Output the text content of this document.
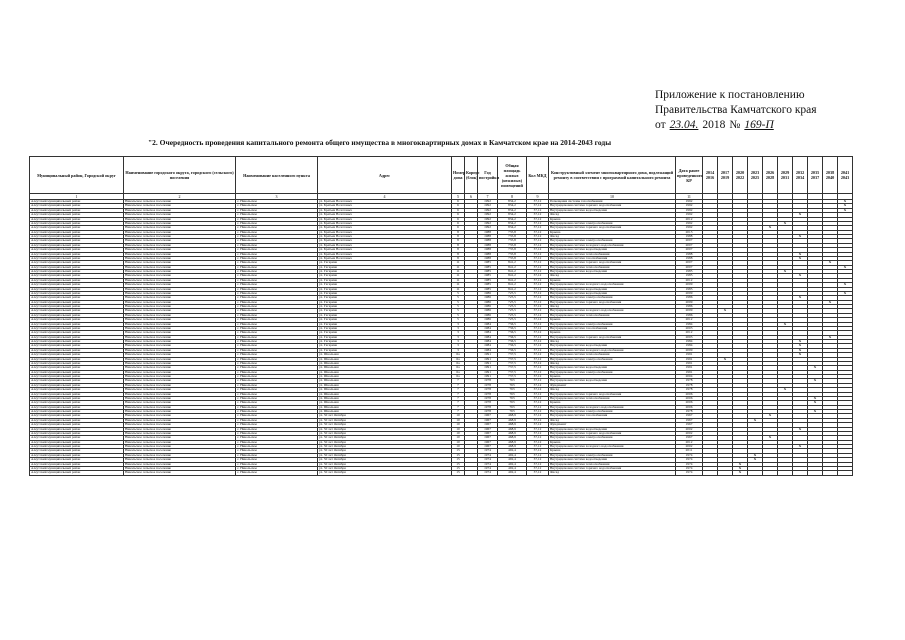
Приложение к постановлению
Правительства Камчатского края
от 23.04. 2018 № 169-П
"2. Очередность проведения капитального ремонта общего имущества в многоквартирных домах в Камчатском крае на 2014-2043 годы
Муниципальный район, Городской округ	Наименование городского округа, городского (сельского) поселения	Наименование населенного пункта	Адрес	Номер дома	Корпус (блок)	Год постройки	Общая площадь жилых (нежилых) помещений	Кол МКД	Конструктивный элемент многоквартирного дома, подлежащий ремонту в соответствии с программой капитального ремонта	Дата ранее проведенного КР	2014 2016	2017 2019	2020 2022	2023 2025	2026 2028	2029 2031	2032 2034	2035 2037	2038 2040	2041 2043
1	2	3	4	5	6	7	8	9	10	11										
Алеутский муниципальный район	Никольское сельское поселение	с. Никольское	ул. Братьев Волотовых	6		1992	834,2	37,12	Помещения системы газоснабжения	1992										X
Алеутский муниципальный район	Никольское сельское поселение	с. Никольское	ул. Братьев Волотовых	6		1992	834,2	37,12	Внутридомовая система горячего водоснабжения	1992										X
Алеутский муниципальный район	Никольское сельское поселение	с. Никольское	ул. Братьев Волотовых	6		1992	834,2	37,12	Внутридомовая система водоотведения	1992										X
Алеутский муниципальный район	Никольское сельское поселение	с. Никольское	ул. Братьев Волотовых	6		1992	834,2	37,12	Фасад	1992							X			
Алеутский муниципальный район	Никольское сельское поселение	с. Никольское	ул. Братьев Волотовых	6		1992	834,2	37,12	Крыша	2012										
Алеутский муниципальный район	Никольское сельское поселение	с. Никольское	ул. Братьев Волотовых	6		1992	834,2	37,12	Внутридомовая система электроснабжения	1992						X				
Алеутский муниципальный район	Никольское сельское поселение	с. Никольское	ул. Братьев Волотовых	6		1992	834,2	37,12	Внутридомовая система горячего водоснабжения	1992					X					
Алеутский муниципальный район	Никольское сельское поселение	с. Никольское	ул. Братьев Волотовых	8		1988	735,8	37,12	Крыша	2013										
Алеутский муниципальный район	Никольское сельское поселение	с. Никольское	ул. Братьев Волотовых	8		1988	735,8	37,12	Фасад	1988							X			
Алеутский муниципальный район	Никольское сельское поселение	с. Никольское	ул. Братьев Волотовых	8		1988	735,8	37,12	Внутридомовая система электроснабжения	2007										
Алеутский муниципальный район	Никольское сельское поселение	с. Никольское	ул. Братьев Волотовых	8		1988	735,8	37,12	Внутридомовая система холодного водоснабжения	2007										
Алеутский муниципальный район	Никольское сельское поселение	с. Никольское	ул. Братьев Волотовых	8		1988	735,8	37,12	Внутридомовая система водоотведения	2007										
Алеутский муниципальный район	Никольское сельское поселение	с. Никольское	ул. Братьев Волотовых	8		1988	735,8	37,12	Внутридомовая система теплоснабжения	1988							X			
Алеутский муниципальный район	Никольское сельское поселение	с. Никольское	ул. Братьев Волотовых	8		1988	735,8	37,12	Внутридомовая система газоснабжения	1988							X			
Алеутский муниципальный район	Никольское сельское поселение	с. Никольское	ул. Гагарина	11		1985	841,2	37,12	Внутридомовая система горячего водоснабжения	2007									X	
Алеутский муниципальный район	Никольское сельское поселение	с. Никольское	ул. Гагарина	11		1985	841,2	37,12	Внутридомовая система теплоснабжения	2007										X
Алеутский муниципальный район	Никольское сельское поселение	с. Никольское	ул. Гагарина	11		1985	841,2	37,12	Внутридомовая система водоотведения	1985						X				
Алеутский муниципальный район	Никольское сельское поселение	с. Никольское	ул. Гагарина	11		1985	841,2	37,12	Фасад	1985							X			
Алеутский муниципальный район	Никольское сельское поселение	с. Никольское	ул. Гагарина	11		1985	841,2	37,12	Крыша	2012										
Алеутский муниципальный район	Никольское сельское поселение	с. Никольское	ул. Гагарина	11		1985	841,2	37,12	Внутридомовая система холодного водоснабжения	2009										X
Алеутский муниципальный район	Никольское сельское поселение	с. Никольское	ул. Гагарина	11		1985	841,2	37,12	Внутридомовая система водоотведения	1985										
Алеутский муниципальный район	Никольское сельское поселение	с. Никольское	ул. Гагарина	5		1986	725,5	37,12	Внутридомовая система водоотведения	2009										X
Алеутский муниципальный район	Никольское сельское поселение	с. Никольское	ул. Гагарина	5		1986	725,5	37,12	Внутридомовая система электроснабжения	1986							X			
Алеутский муниципальный район	Никольское сельское поселение	с. Никольское	ул. Гагарина	5		1986	725,5	37,12	Внутридомовая система горячего водоснабжения	2009									X	
Алеутский муниципальный район	Никольское сельское поселение	с. Никольское	ул. Гагарина	5		1986	725,5	37,12	Фасад	1986										
Алеутский муниципальный район	Никольское сельское поселение	с. Никольское	ул. Гагарина	5		1986	725,5	37,12	Внутридомовая система холодного водоснабжения	2009		X								
Алеутский муниципальный район	Никольское сельское поселение	с. Никольское	ул. Гагарина	5		1986	725,5	37,12	Внутридомовая система теплоснабжения	1986										
Алеутский муниципальный район	Никольское сельское поселение	с. Никольское	ул. Гагарина	5		1986	725,5	37,12	Крыша	2012										
Алеутский муниципальный район	Никольское сельское поселение	с. Никольское	ул. Гагарина	3		1984	736,5	37,12	Внутридомовая система электроснабжения	1984						X				
Алеутский муниципальный район	Никольское сельское поселение	с. Никольское	ул. Гагарина	3		1984	736,5	37,12	Внутридомовая система газоснабжения	2003										
Алеутский муниципальный район	Никольское сельское поселение	с. Никольское	ул. Гагарина	3		1984	736,5	37,12	Крыша	2012										
Алеутский муниципальный район	Никольское сельское поселение	с. Никольское	ул. Гагарина	3		1984	736,5	37,12	Внутридомовая система горячего водоснабжения	2003									X	
Алеутский муниципальный район	Никольское сельское поселение	с. Никольское	ул. Гагарина	3		1984	736,5	37,12	Фасад	1984							X			
Алеутский муниципальный район	Никольское сельское поселение	с. Никольское	ул. Гагарина	3		1984	736,5	37,12	Внутридомовая система водоотведения	1984							X			
Алеутский муниципальный район	Никольское сельское поселение	с. Никольское	ул. Гагарина	3		1984	736,5	37,12	Внутридомовая система холодного водоснабжения	2009							X			
Алеутский муниципальный район	Никольское сельское поселение	с. Никольское	ул. Школьная	6а		1991	737,5	37,12	Внутридомовая система теплоснабжения	1991							X			
Алеутский муниципальный район	Никольское сельское поселение	с. Никольское	ул. Школьная	6а		1991	737,5	37,12	Внутридомовая система электроснабжения	1991		X								
Алеутский муниципальный район	Никольское сельское поселение	с. Никольское	ул. Школьная	6а		1991	737,5	37,12	Фасад	1991										
Алеутский муниципальный район	Никольское сельское поселение	с. Никольское	ул. Школьная	6а		1991	737,5	37,12	Внутридомовая система водоотведения	1991								X		
Алеутский муниципальный район	Никольское сельское поселение	с. Никольское	ул. Школьная	6а		1991	737,5	37,12	Внутридомовая система электроснабжения	1991										
Алеутский муниципальный район	Никольское сельское поселение	с. Никольское	ул. Школьная	6а		1991	737,5	37,12	Крыша	2004										
Алеутский муниципальный район	Никольское сельское поселение	с. Никольское	ул. Школьная	7		1978	763	37,12	Внутридомовая система водоотведения	1978								X		
Алеутский муниципальный район	Никольское сельское поселение	с. Никольское	ул. Школьная	7		1978	763	37,12	Фундамент	1978										
Алеутский муниципальный район	Никольское сельское поселение	с. Никольское	ул. Школьная	7		1978	763	37,12	Фасад	1978						X				
Алеутский муниципальный район	Никольское сельское поселение	с. Никольское	ул. Школьная	7		1978	763	37,12	Внутридомовая система горячего водоснабжения	2006										
Алеутский муниципальный район	Никольское сельское поселение	с. Никольское	ул. Школьная	7		1978	763	37,12	Внутридомовая система теплоснабжения	2006								X		
Алеутский муниципальный район	Никольское сельское поселение	с. Никольское	ул. Школьная	7		1978	763	37,12	Крыша	2006								X		
Алеутский муниципальный район	Никольское сельское поселение	с. Никольское	ул. Школьная	7		1978	763	37,12	Внутридомовая система холодного водоснабжения	2006										
Алеутский муниципальный район	Никольское сельское поселение	с. Никольское	ул. Школьная	7		1978	763	37,12	Внутридомовая система электроснабжения	1978								X		
Алеутский муниципальный район	Никольское сельское поселение	с. Никольское	ул. 50 лет Октября	10		1967	468,9	37,12	Внутридомовая система газоснабжения	1967					X					
Алеутский муниципальный район	Никольское сельское поселение	с. Никольское	ул. 50 лет Октября	10		1967	468,9	37,12	Фасад	1967				X						
Алеутский муниципальный район	Никольское сельское поселение	с. Никольское	ул. 50 лет Октября	10		1967	468,9	37,12	Фундамент	1967										
Алеутский муниципальный район	Никольское сельское поселение	с. Никольское	ул. 50 лет Октября	10		1967	468,9	37,12	Внутридомовая система водоотведения	2002							X			
Алеутский муниципальный район	Никольское сельское поселение	с. Никольское	ул. 50 лет Октября	10		1967	468,9	37,12	Внутридомовая система горячего водоснабжения	2002										
Алеутский муниципальный район	Никольское сельское поселение	с. Никольское	ул. 50 лет Октября	10		1967	468,9	37,12	Внутридомовая система электроснабжения	1967					X					
Алеутский муниципальный район	Никольское сельское поселение	с. Никольское	ул. 50 лет Октября	10		1967	468,9	37,12	Крыша	2012										
Алеутский муниципальный район	Никольское сельское поселение	с. Никольское	ул. 50 лет Октября	10		1967	468,9	37,12	Внутридомовая система холодного водоснабжения	2002							X			
Алеутский муниципальный район	Никольское сельское поселение	с. Никольское	ул. 50 лет Октября	15		1974	492,4	37,12	Крыша	2011										
Алеутский муниципальный район	Никольское сельское поселение	с. Никольское	ул. 50 лет Октября	15		1974	492,4	37,12	Внутридомовая система электроснабжения	1974				X						
Алеутский муниципальный район	Никольское сельское поселение	с. Никольское	ул. 50 лет Октября	15		1974	492,4	37,12	Внутридомовая система водоотведения	1974				X						
Алеутский муниципальный район	Никольское сельское поселение	с. Никольское	ул. 50 лет Октября	15		1974	492,4	37,12	Внутридомовая система теплоснабжения	1974			X							
Алеутский муниципальный район	Никольское сельское поселение	с. Никольское	ул. 50 лет Октября	15		1974	492,4	37,12	Внутридомовая система горячего водоснабжения	1974			X							
Алеутский муниципальный район	Никольское сельское поселение	с. Никольское	ул. 50 лет Октября	15		1974	492,4	37,12	Фасад	1974			X							
